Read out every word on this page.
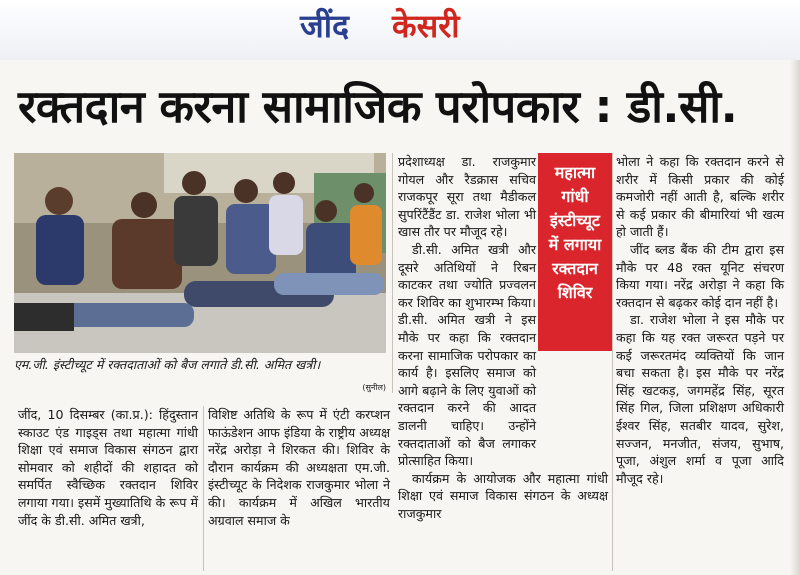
जींद केसरी
रक्तदान करना सामाजिक परोपकार : डी.सी.
एम.जी. इंस्टीच्यूट में रक्तदाताओं को बैज लगाते डी.सी. अमित खत्री।
(सुनील)

जींद, 10 दिसम्बर (का.प्र.): हिंदुस्तान स्काउट एंड गाइड्स तथा महात्मा गांधी शिक्षा एवं समाज विकास संगठन द्वारा सोमवार को शहीदों की शहादत को समर्पित स्वैच्छिक रक्तदान शिविर लगाया गया। इसमें मुख्यातिथि के रूप में जींद के डी.सी. अमित खत्री,

विशिष्ट अतिथि के रूप में एंटी करप्शन फाऊंडेशन आफ इंडिया के राष्ट्रीय अध्यक्ष नरेंद्र अरोड़ा ने शिरकत की। शिविर के दौरान कार्यक्रम की अध्यक्षता एम.जी. इंस्टीच्यूट के निदेशक राजकुमार भोला ने की। कार्यक्रम में अखिल भारतीय अग्रवाल समाज के

प्रदेशाध्यक्ष डा. राजकुमार गोयल और रैडक्रास सचिव राजकपूर सूरा तथा मैडीकल सुपरिंटैंडैंट डा. राजेश भोला भी खास तौर पर मौजूद रहे।

डी.सी. अमित खत्री और दूसरे अतिथियों ने रिबन काटकर तथा ज्योति प्रज्वलन कर शिविर का शुभारम्भ किया। डी.सी. अमित खत्री ने इस मौके पर कहा कि रक्तदान करना सामाजिक परोपकार का कार्य है। इसलिए समाज को आगे बढ़ाने के लिए युवाओं को रक्तदान करने की आदत डालनी चाहिए। उन्होंने रक्तदाताओं को बैज लगाकर प्रोत्साहित किया।

कार्यक्रम के आयोजक और महात्मा गांधी शिक्षा एवं समाज विकास संगठन के अध्यक्ष राजकुमार

महात्मा
गांधी
इंस्टीच्यूट
में लगाया
रक्तदान
शिविर

भोला ने कहा कि रक्तदान करने से शरीर में किसी प्रकार की कोई कमजोरी नहीं आती है, बल्कि शरीर से कई प्रकार की बीमारियां भी खत्म हो जाती हैं।

जींद ब्लड बैंक की टीम द्वारा इस मौके पर 48 रक्त यूनिट संचरण किया गया। नरेंद्र अरोड़ा ने कहा कि रक्तदान से बढ़कर कोई दान नहीं है।

डा. राजेश भोला ने इस मौके पर कहा कि यह रक्त जरूरत पड़ने पर कई जरूरतमंद व्यक्तियों कि जान बचा सकता है। इस मौके पर नरेंद्र सिंह खटकड़, जगमहेंद्र सिंह, सूरत सिंह गिल, जिला प्रशिक्षण अधिकारी ईश्वर सिंह, सतबीर यादव, सुरेश, सज्जन, मनजीत, संजय, सुभाष, पूजा, अंशुल शर्मा व पूजा आदि मौजूद रहे।
